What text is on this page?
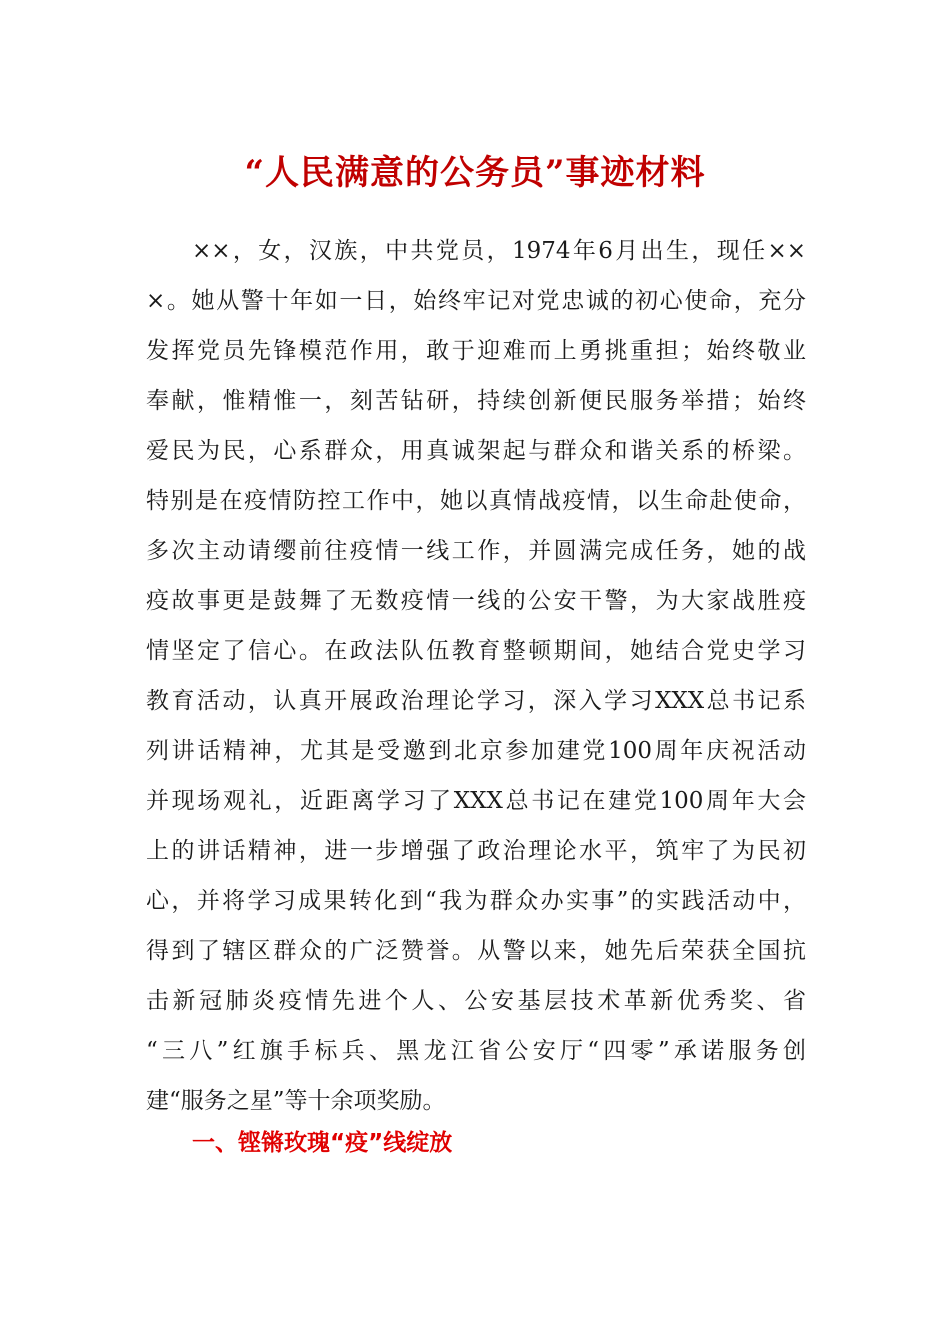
“人民满意的公务员”事迹材料
××，女，汉族，中共党员，1974年6月出生，现任××
×。她从警十年如一日，始终牢记对党忠诚的初心使命，充分
发挥党员先锋模范作用，敢于迎难而上勇挑重担；始终敬业
奉献，惟精惟一，刻苦钻研，持续创新便民服务举措；始终
爱民为民，心系群众，用真诚架起与群众和谐关系的桥梁。
特别是在疫情防控工作中，她以真情战疫情，以生命赴使命，
多次主动请缨前往疫情一线工作，并圆满完成任务，她的战
疫故事更是鼓舞了无数疫情一线的公安干警，为大家战胜疫
情坚定了信心。在政法队伍教育整顿期间，她结合党史学习
教育活动，认真开展政治理论学习，深入学习XXX总书记系
列讲话精神，尤其是受邀到北京参加建党100周年庆祝活动
并现场观礼，近距离学习了XXX总书记在建党100周年大会
上的讲话精神，进一步增强了政治理论水平，筑牢了为民初
心，并将学习成果转化到“我为群众办实事”的实践活动中，
得到了辖区群众的广泛赞誉。从警以来，她先后荣获全国抗
击新冠肺炎疫情先进个人、公安基层技术革新优秀奖、省
“三八”红旗手标兵、黑龙江省公安厅“四零”承诺服务创
建“服务之星”等十余项奖励。
一、铿锵玫瑰“疫”线绽放
